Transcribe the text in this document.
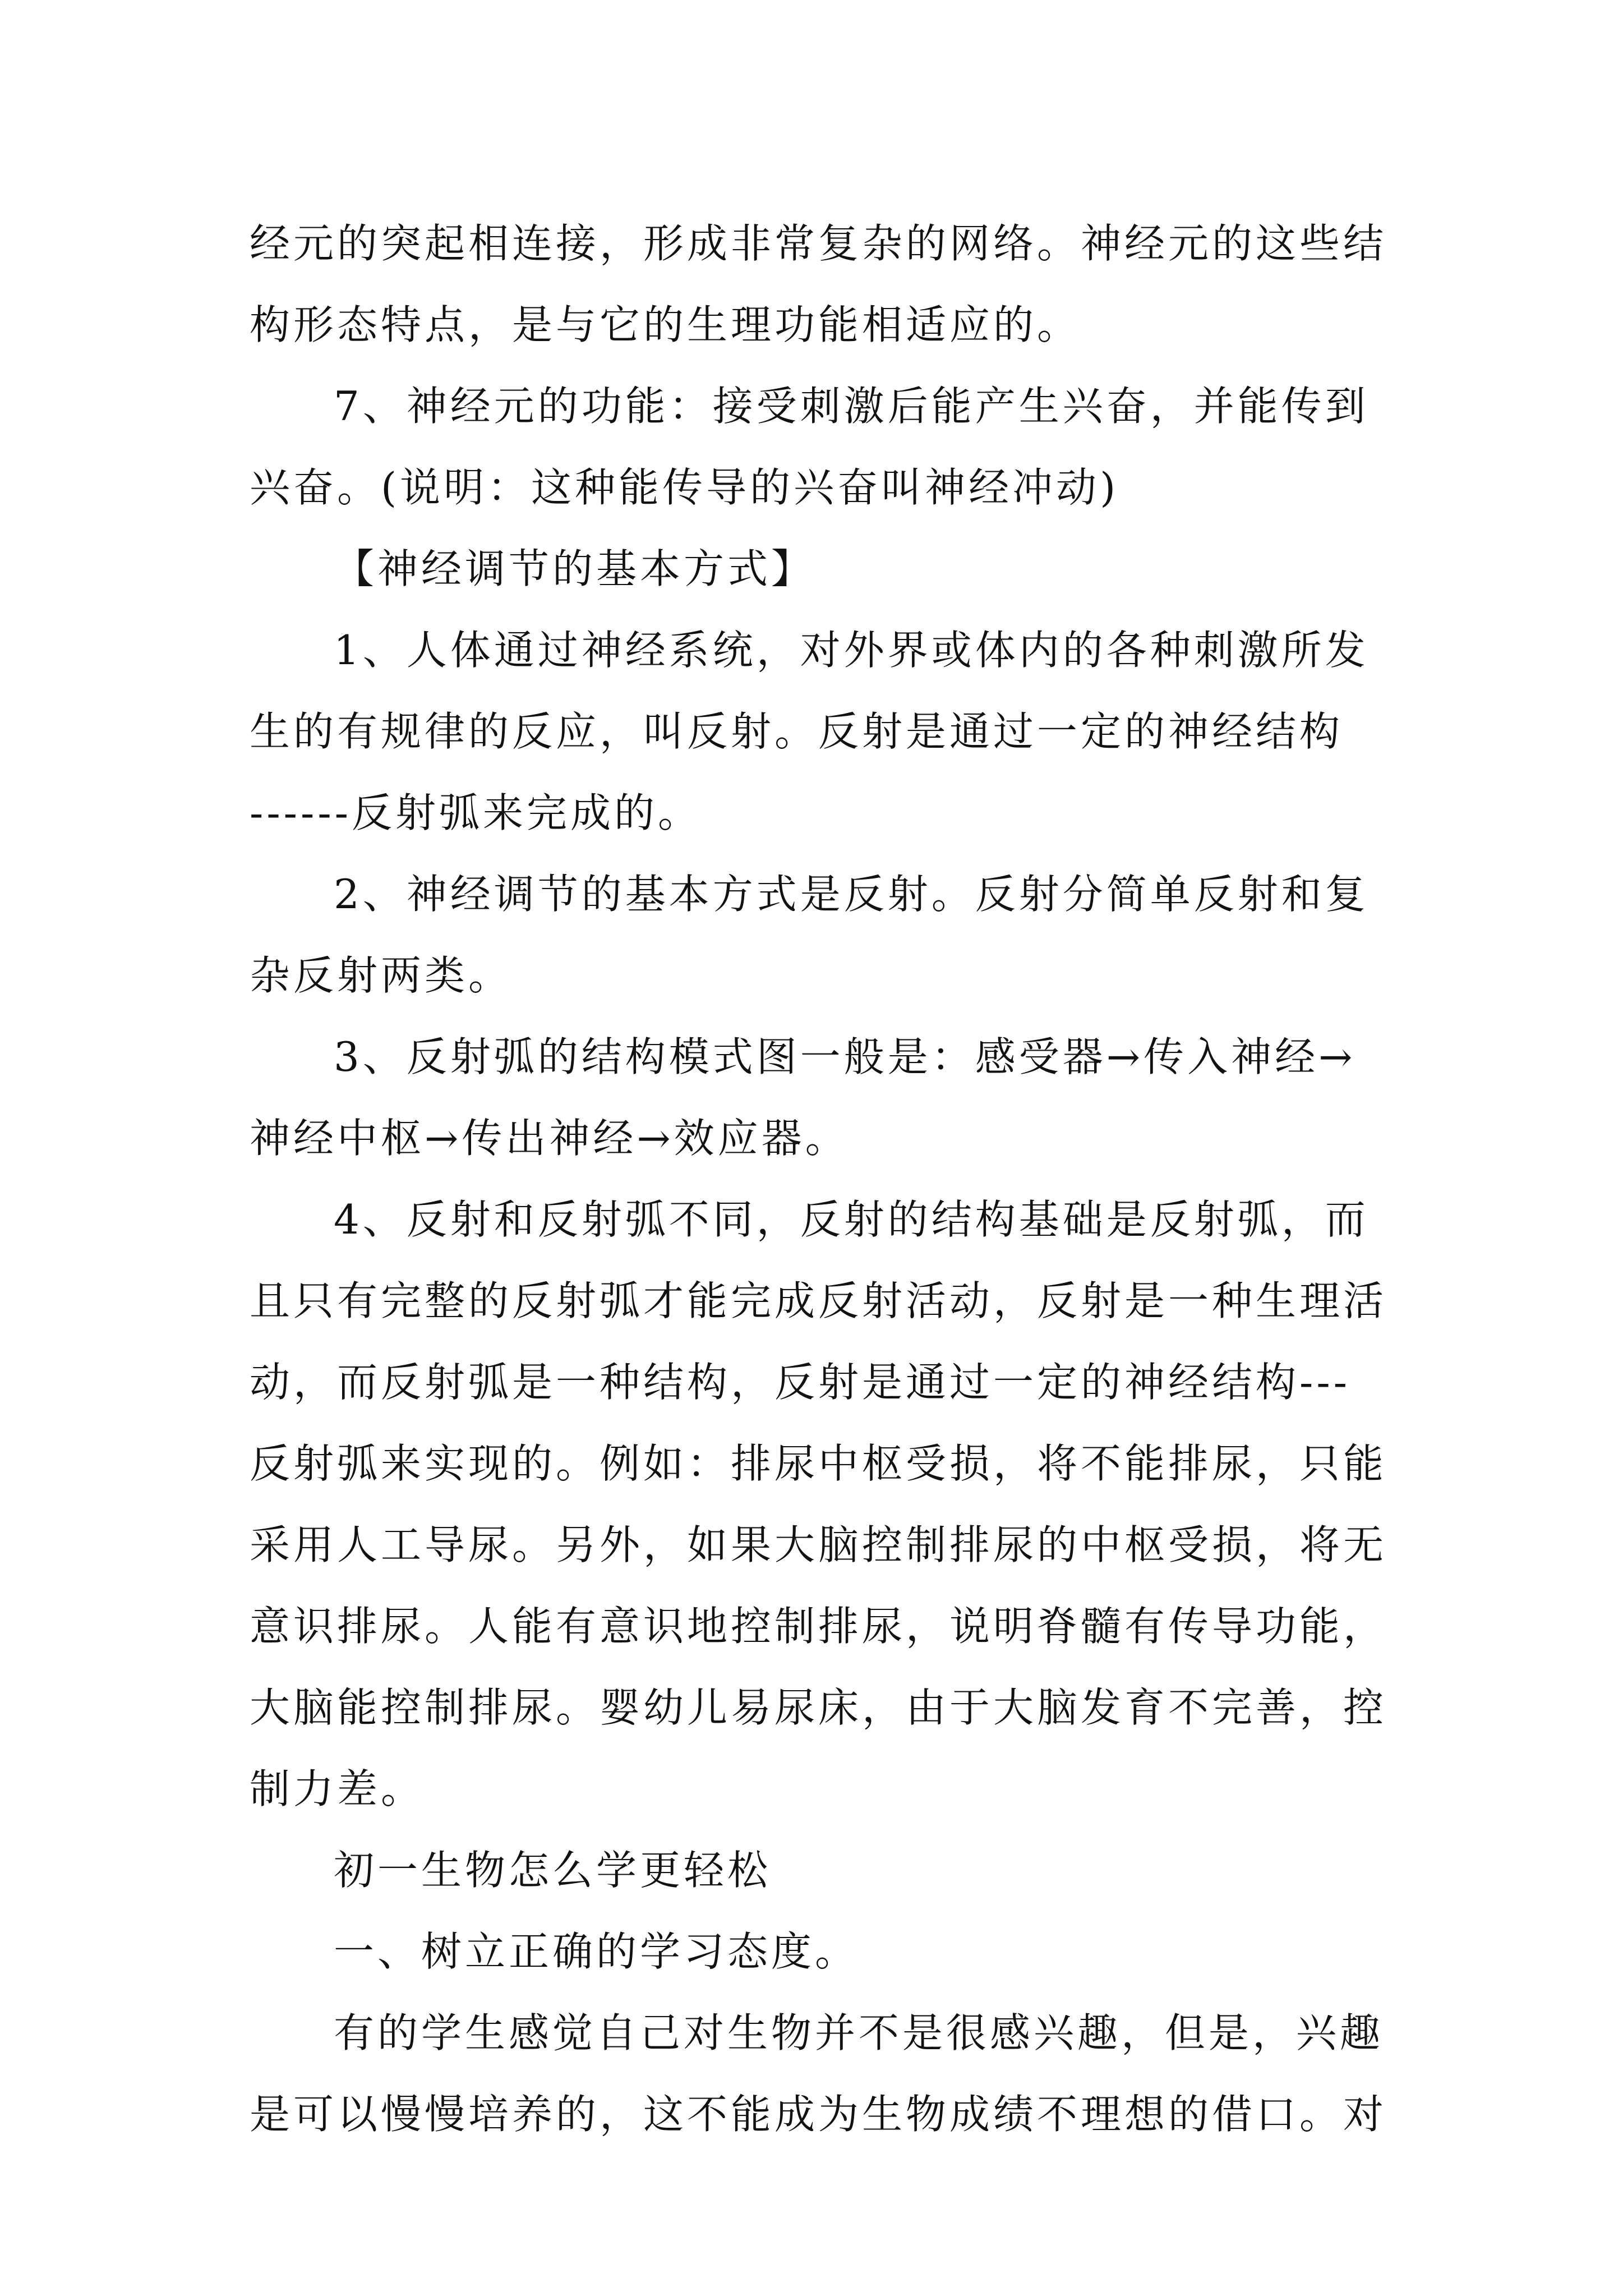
经元的突起相连接，形成非常复杂的网络。神经元的这些结
构形态特点，是与它的生理功能相适应的。
7、神经元的功能：接受刺激后能产生兴奋，并能传到
兴奋。(说明：这种能传导的兴奋叫神经冲动)
【神经调节的基本方式】
1、人体通过神经系统，对外界或体内的各种刺激所发
生的有规律的反应，叫反射。反射是通过一定的神经结构
------反射弧来完成的。
2、神经调节的基本方式是反射。反射分简单反射和复
杂反射两类。
3、反射弧的结构模式图一般是：感受器→传入神经→
神经中枢→传出神经→效应器。
4、反射和反射弧不同，反射的结构基础是反射弧，而
且只有完整的反射弧才能完成反射活动，反射是一种生理活
动，而反射弧是一种结构，反射是通过一定的神经结构---
反射弧来实现的。例如：排尿中枢受损，将不能排尿，只能
采用人工导尿。另外，如果大脑控制排尿的中枢受损，将无
意识排尿。人能有意识地控制排尿，说明脊髓有传导功能，
大脑能控制排尿。婴幼儿易尿床，由于大脑发育不完善，控
制力差。
初一生物怎么学更轻松
一、树立正确的学习态度。
有的学生感觉自己对生物并不是很感兴趣，但是，兴趣
是可以慢慢培养的，这不能成为生物成绩不理想的借口。对
